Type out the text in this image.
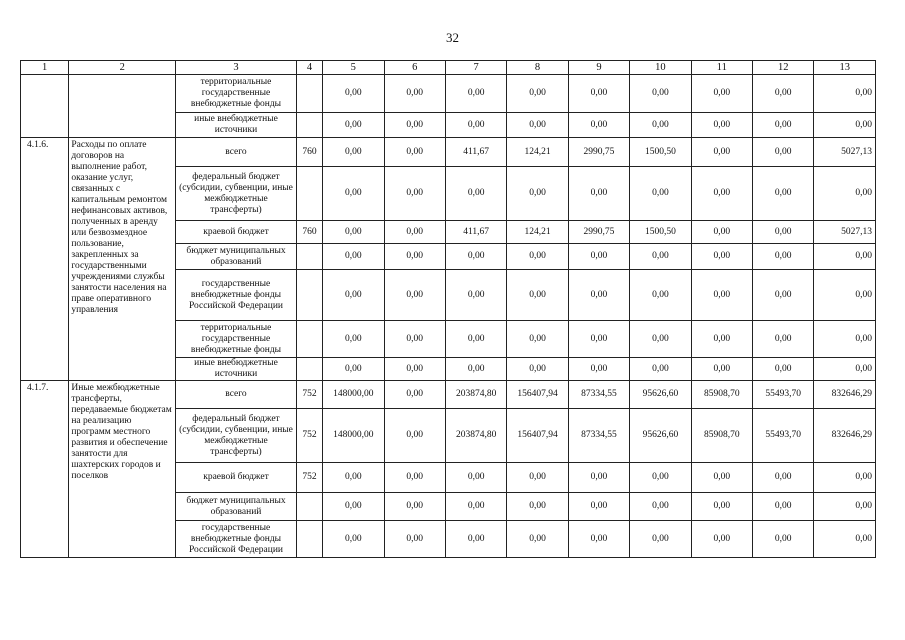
32
1	2	3	4	5	6	7	8	9	10	11	12	13
		территориальные государственные внебюджетные фонды		0,00	0,00	0,00	0,00	0,00	0,00	0,00	0,00	0,00
		иные внебюджетные источники		0,00	0,00	0,00	0,00	0,00	0,00	0,00	0,00	0,00
4.1.6.	Расходы по оплате договоров на выполнение работ, оказание услуг, связанных с капитальным ремонтом нефинансовых активов, полученных в аренду или безвозмездное пользование, закрепленных за государственными учреждениями службы занятости населения на праве оперативного управления	всего	760	0,00	0,00	411,67	124,21	2990,75	1500,50	0,00	0,00	5027,13
		федеральный бюджет (субсидии, субвенции, иные межбюджетные трансферты)		0,00	0,00	0,00	0,00	0,00	0,00	0,00	0,00	0,00
		краевой бюджет	760	0,00	0,00	411,67	124,21	2990,75	1500,50	0,00	0,00	5027,13
		бюджет муниципальных образований		0,00	0,00	0,00	0,00	0,00	0,00	0,00	0,00	0,00
		государственные внебюджетные фонды Российской Федерации		0,00	0,00	0,00	0,00	0,00	0,00	0,00	0,00	0,00
		территориальные государственные внебюджетные фонды		0,00	0,00	0,00	0,00	0,00	0,00	0,00	0,00	0,00
		иные внебюджетные источники		0,00	0,00	0,00	0,00	0,00	0,00	0,00	0,00	0,00
4.1.7.	Иные межбюджетные трансферты, передаваемые бюджетам на реализацию программ местного развития и обеспечение занятости для шахтерских городов и поселков	всего	752	148000,00	0,00	203874,80	156407,94	87334,55	95626,60	85908,70	55493,70	832646,29
		федеральный бюджет (субсидии, субвенции, иные межбюджетные трансферты)	752	148000,00	0,00	203874,80	156407,94	87334,55	95626,60	85908,70	55493,70	832646,29
		краевой бюджет	752	0,00	0,00	0,00	0,00	0,00	0,00	0,00	0,00	0,00
		бюджет муниципальных образований		0,00	0,00	0,00	0,00	0,00	0,00	0,00	0,00	0,00
		государственные внебюджетные фонды Российской Федерации		0,00	0,00	0,00	0,00	0,00	0,00	0,00	0,00	0,00
